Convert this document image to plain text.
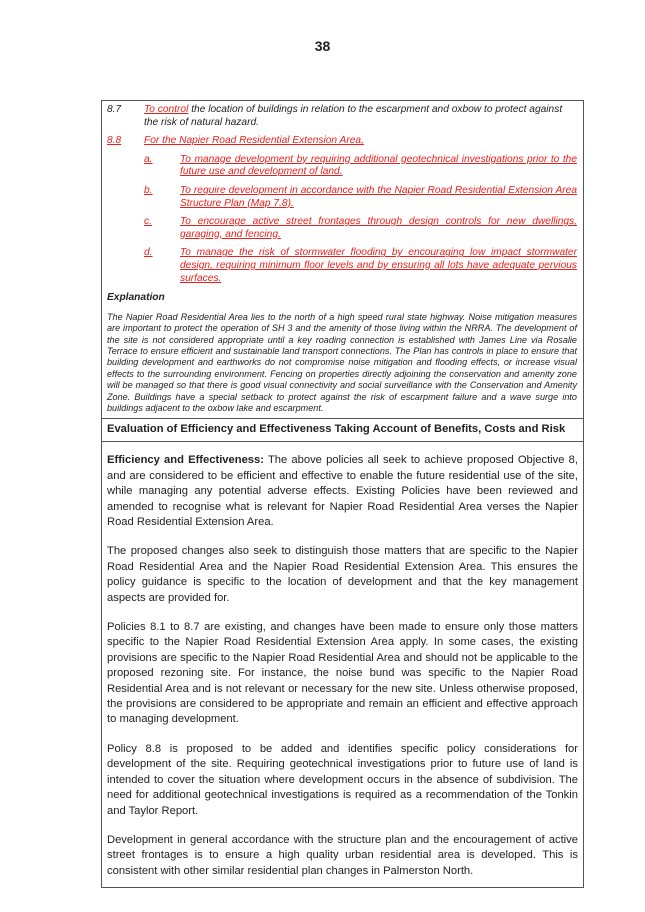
38
8.7	To control the location of buildings in relation to the escarpment and oxbow to protect against the risk of natural hazard.
8.8	For the Napier Road Residential Extension Area,
a.	To manage development by requiring additional geotechnical investigations prior to the future use and development of land.
b.	To require development in accordance with the Napier Road Residential Extension Area Structure Plan (Map 7.8).
c.	To encourage active street frontages through design controls for new dwellings, garaging, and fencing.
d.	To manage the risk of stormwater flooding by encouraging low impact stormwater design, requiring minimum floor levels and by ensuring all lots have adequate pervious surfaces.
Explanation

The Napier Road Residential Area lies to the north of a high speed rural state highway. Noise mitigation measures are important to protect the operation of SH 3 and the amenity of those living within the NRRA. The development of the site is not considered appropriate until a key roading connection is established with James Line via Rosalie Terrace to ensure efficient and sustainable land transport connections. The Plan has controls in place to ensure that building development and earthworks do not compromise noise mitigation and flooding effects, or increase visual effects to the surrounding environment. Fencing on properties directly adjoining the conservation and amenity zone will be managed so that there is good visual connectivity and social surveillance with the Conservation and Amenity Zone. Buildings have a special setback to protect against the risk of escarpment failure and a wave surge into buildings adjacent to the oxbow lake and escarpment.

Evaluation of Efficiency and Effectiveness Taking Account of Benefits, Costs and Risk

Efficiency and Effectiveness: The above policies all seek to achieve proposed Objective 8, and are considered to be efficient and effective to enable the future residential use of the site, while managing any potential adverse effects. Existing Policies have been reviewed and amended to recognise what is relevant for Napier Road Residential Area verses the Napier Road Residential Extension Area.

The proposed changes also seek to distinguish those matters that are specific to the Napier Road Residential Area and the Napier Road Residential Extension Area. This ensures the policy guidance is specific to the location of development and that the key management aspects are provided for.

Policies 8.1 to 8.7 are existing, and changes have been made to ensure only those matters specific to the Napier Road Residential Extension Area apply. In some cases, the existing provisions are specific to the Napier Road Residential Area and should not be applicable to the proposed rezoning site. For instance, the noise bund was specific to the Napier Road Residential Area and is not relevant or necessary for the new site. Unless otherwise proposed, the provisions are considered to be appropriate and remain an efficient and effective approach to managing development.

Policy 8.8 is proposed to be added and identifies specific policy considerations for development of the site. Requiring geotechnical investigations prior to future use of land is intended to cover the situation where development occurs in the absence of subdivision. The need for additional geotechnical investigations is required as a recommendation of the Tonkin and Taylor Report.

Development in general accordance with the structure plan and the encouragement of active street frontages is to ensure a high quality urban residential area is developed. This is consistent with other similar residential plan changes in Palmerston North.
